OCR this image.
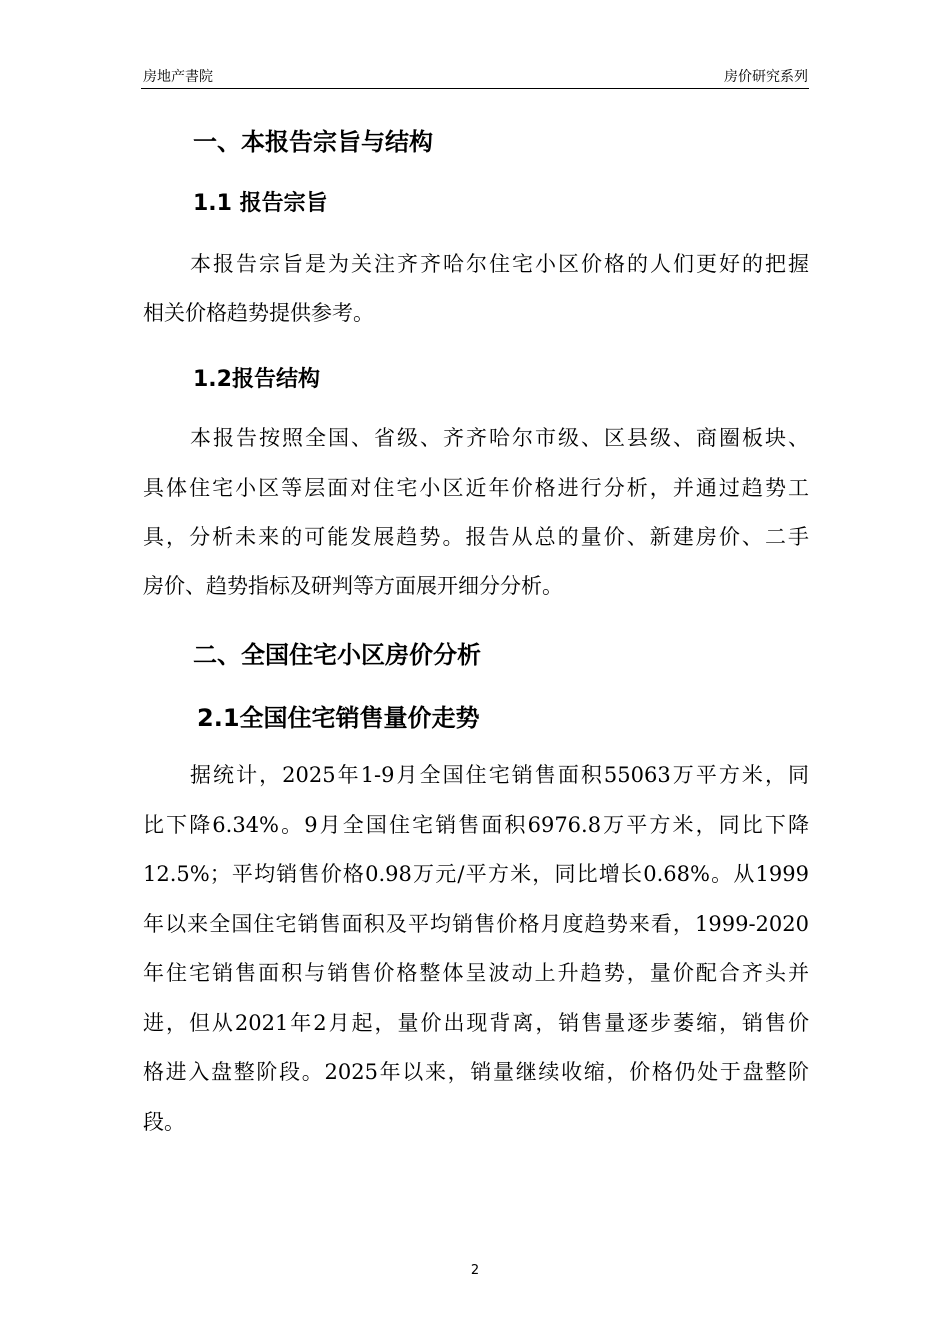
房地产書院	房价研究系列
一、本报告宗旨与结构
1.1 报告宗旨
本报告宗旨是为关注齐齐哈尔住宅小区价格的人们更好的把握
相关价格趋势提供参考。
1.2报告结构
本报告按照全国、省级、齐齐哈尔市级、区县级、商圈板块、
具体住宅小区等层面对住宅小区近年价格进行分析，并通过趋势工
具，分析未来的可能发展趋势。报告从总的量价、新建房价、二手
房价、趋势指标及研判等方面展开细分分析。
二、全国住宅小区房价分析
2.1全国住宅销售量价走势
据统计，2025年1-9月全国住宅销售面积55063万平方米，同
比下降6.34%。9月全国住宅销售面积6976.8万平方米，同比下降
12.5%；平均销售价格0.98万元/平方米，同比增长0.68%。从1999
年以来全国住宅销售面积及平均销售价格月度趋势来看，1999-2020
年住宅销售面积与销售价格整体呈波动上升趋势，量价配合齐头并
进，但从2021年2月起，量价出现背离，销售量逐步萎缩，销售价
格进入盘整阶段。2025年以来，销量继续收缩，价格仍处于盘整阶
段。
2
